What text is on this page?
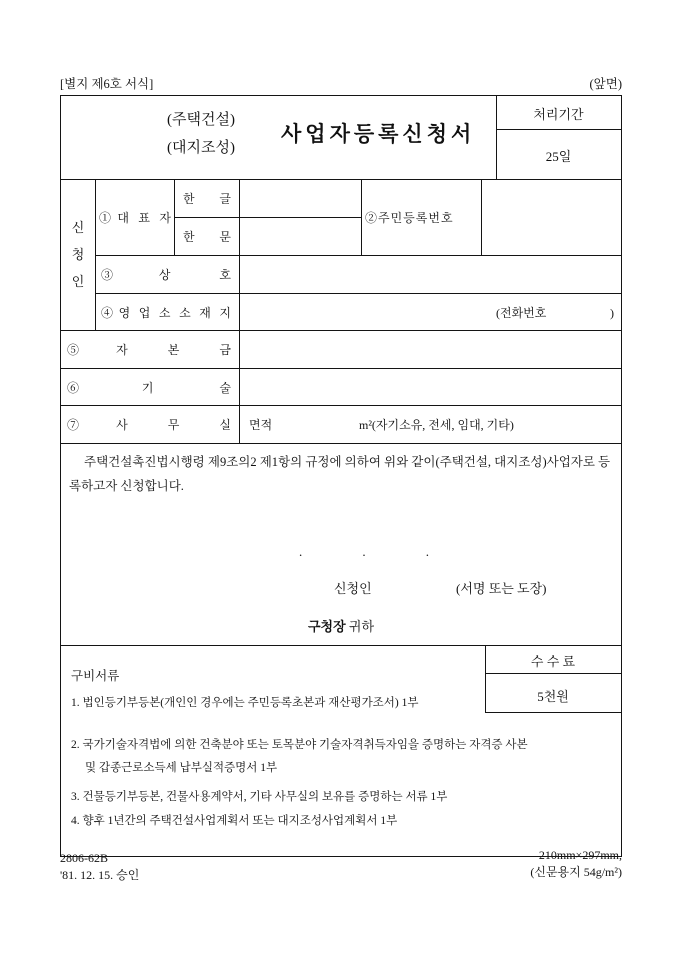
[별지 제6호 서식]	(앞면)
(주택건설)
(대지조성)
사업자등록신청서
처리기간
25일
신청인
①대 표 자
한 글
한 문
②주민등록번호
③상 호
④영 업 소 소 재 지	(전화번호 )
⑤자 본 금
⑥기 술
⑦사 무 실 면적	m²(자기소유, 전세, 임대, 기타)
주택건설촉진법시행령 제9조의2 제1항의 규정에 의하여 위와 같이(주택건설, 대지조성)사업자로 등록하고자 신청합니다.
. . .
신청인	(서명 또는 도장)
구청장 귀하
수 수 료
5천원
구비서류
1. 법인등기부등본(개인인 경우에는 주민등록초본과 재산평가조서) 1부
2. 국가기술자격법에 의한 건축분야 또는 토목분야 기술자격취득자임을 증명하는 자격증 사본
및 갑종근로소득세 납부실적증명서 1부
3. 건물등기부등본, 건물사용계약서, 기타 사무실의 보유를 증명하는 서류 1부
4. 향후 1년간의 주택건설사업계획서 또는 대지조성사업계획서 1부
2806-62B
'81. 12. 15. 승인
210mm×297mm,
(신문용지 54g/m²)
